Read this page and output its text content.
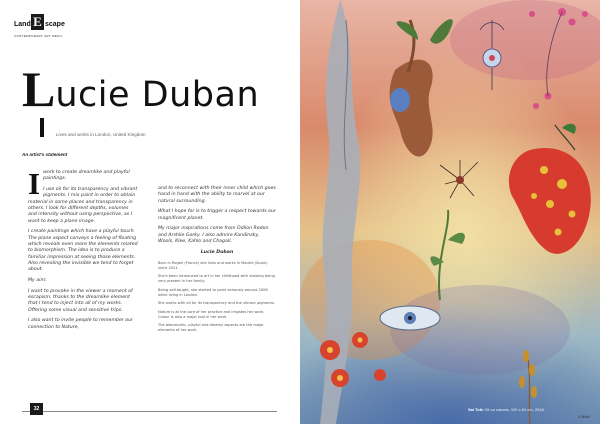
Land E scape
CONTEMPORARY ART MENU
Lucie Duban
Lives and works in London, United Kingdom
An artist's statement

Iwork to create dreamlike and playful paintings.

I use oil for its transparency and vibrant pigments. I mix paint in order to obtain material in some places and transparency in others. I look for different depths, volumes and intensity without using perspective, as I want to keep a plane image.

I create paintings which have a playful touch. The plane aspect conveys a feeling of floating which reveals even more the elements related to biomorphism. The idea is to produce a familiar impression at seeing those elements. Also revealing the invisible we tend to forget about.

My aim:

I want to provoke in the viewer a moment of escapism, thanks to the dreamlike element that I tend to inject into all of my works. Offering some visual and sensitive trips.

I also want to invite people to remember our connection to Nature,

and to reconnect with their inner child which goes hand in hand with the ability to marvel at our natural surrounding.

What I hope for is to trigger a respect towards our magnificent planet.

My major inspirations come from Odilon Redon and Arshile Gorky. I also admire Kandinsky, Wools, Klee, Kahlo and Chagall.

Lucie Duban

Born in Rogen (France) she lives and works in Madrid (Spain) since 2011.

She's been introduced to art in her childhood with drawing being very present in her family.

Being self-taught, she started to paint seriously around 2008 while living in London.

She works with oil for its transparency and the vibrant pigments.

Nature is at the core of her practice and irrigates her work. Colour is also a major tool in her work.

The biomorphic, playful and dreamy aspects are the major elements of her work.

32	Sai Tofe Oil on canvas, 100 x 81 cm, 2018
Z.Wolt
